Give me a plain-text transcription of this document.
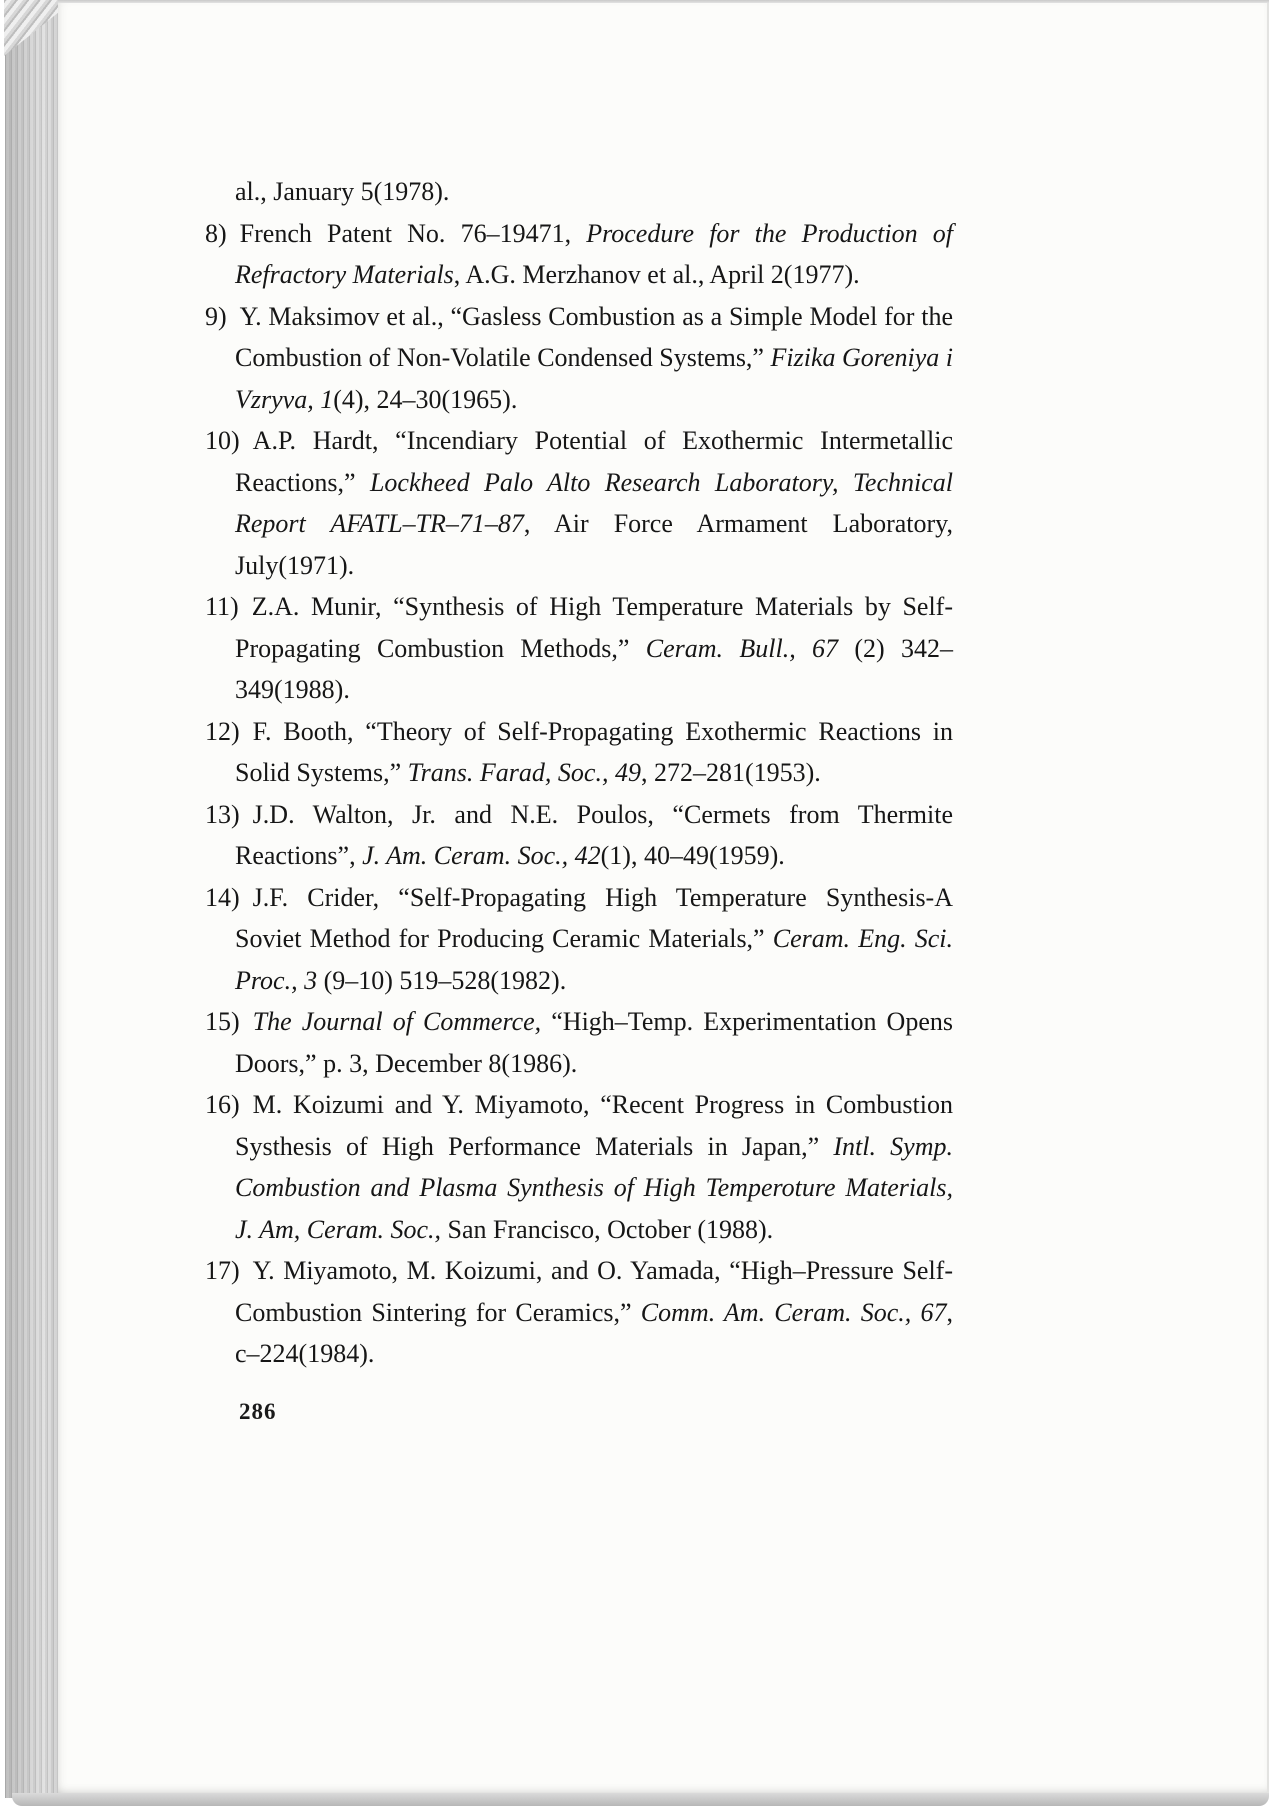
al., January 5(1978).

8) French Patent No. 76–19471, Procedure for the Production of Refractory Materials, A.G. Merzhanov et al., April 2(1977).

9) Y. Maksimov et al., “Gasless Combustion as a Simple Model for the Combustion of Non-Volatile Condensed Systems,” Fizika Goreniya i Vzryva, 1(4), 24–30(1965).

10) A.P. Hardt, “Incendiary Potential of Exothermic Intermetallic Reactions,” Lockheed Palo Alto Research Laboratory, Technical Report AFATL–TR–71–87, Air Force Armament Laboratory, July(1971).

11) Z.A. Munir, “Synthesis of High Temperature Materials by Self-Propagating Combustion Methods,” Ceram. Bull., 67 (2) 342–349(1988).

12) F. Booth, “Theory of Self-Propagating Exothermic Reactions in Solid Systems,” Trans. Farad, Soc., 49, 272–281(1953).

13) J.D. Walton, Jr. and N.E. Poulos, “Cermets from Thermite Reactions”, J. Am. Ceram. Soc., 42(1), 40–49(1959).

14) J.F. Crider, “Self-Propagating High Temperature Synthesis-A Soviet Method for Producing Ceramic Materials,” Ceram. Eng. Sci. Proc., 3 (9–10) 519–528(1982).

15) The Journal of Commerce, “High–Temp. Experimentation Opens Doors,” p. 3, December 8(1986).

16) M. Koizumi and Y. Miyamoto, “Recent Progress in Combustion Systhesis of High Performance Materials in Japan,” Intl. Symp. Combustion and Plasma Synthesis of High Temperoture Materials, J. Am, Ceram. Soc., San Francisco, October (1988).

17) Y. Miyamoto, M. Koizumi, and O. Yamada, “High–Pressure Self-Combustion Sintering for Ceramics,” Comm. Am. Ceram. Soc., 67, c–224(1984).

286
